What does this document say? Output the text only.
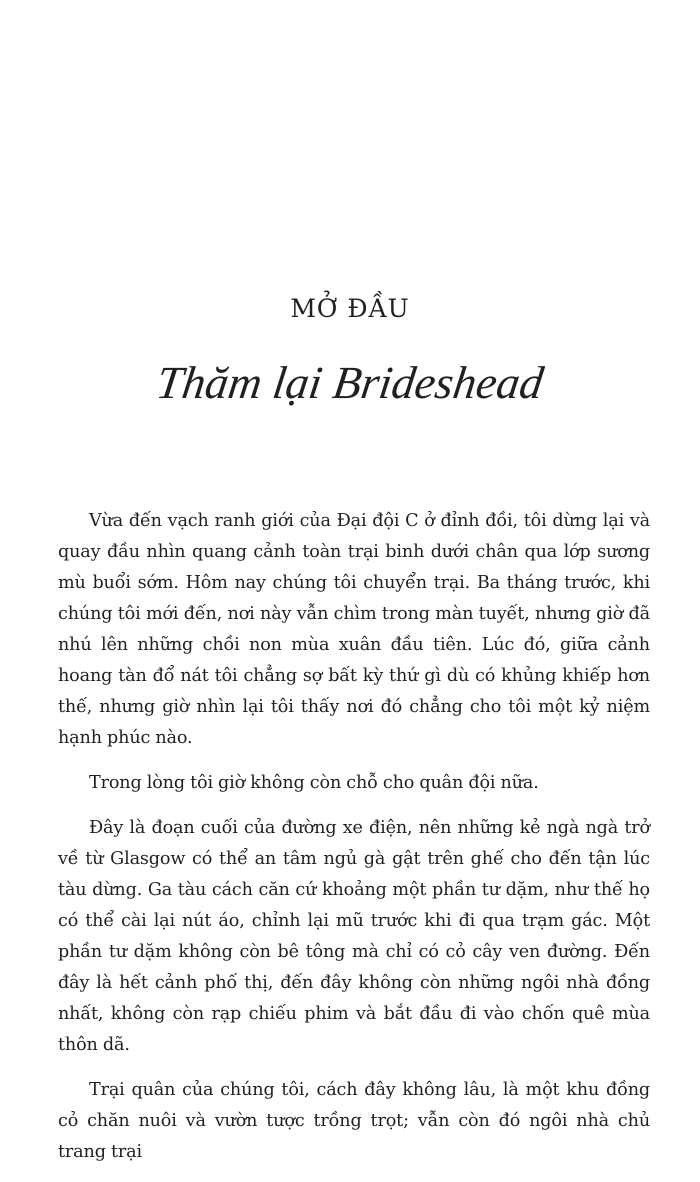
MỞ ĐẦU
Thăm lại Brideshead

Vừa đến vạch ranh giới của Đại đội C ở đỉnh đồi, tôi dừng lại và quay đầu nhìn quang cảnh toàn trại binh dưới chân qua lớp sương mù buổi sớm. Hôm nay chúng tôi chuyển trại. Ba tháng trước, khi chúng tôi mới đến, nơi này vẫn chìm trong màn tuyết, nhưng giờ đã nhú lên những chồi non mùa xuân đầu tiên. Lúc đó, giữa cảnh hoang tàn đổ nát tôi chẳng sợ bất kỳ thứ gì dù có khủng khiếp hơn thế, nhưng giờ nhìn lại tôi thấy nơi đó chẳng cho tôi một kỷ niệm hạnh phúc nào.

Trong lòng tôi giờ không còn chỗ cho quân đội nữa.

Đây là đoạn cuối của đường xe điện, nên những kẻ ngà ngà trở về từ Glasgow có thể an tâm ngủ gà gật trên ghế cho đến tận lúc tàu dừng. Ga tàu cách căn cứ khoảng một phần tư dặm, như thế họ có thể cài lại nút áo, chỉnh lại mũ trước khi đi qua trạm gác. Một phần tư dặm không còn bê tông mà chỉ có cỏ cây ven đường. Đến đây là hết cảnh phố thị, đến đây không còn những ngôi nhà đồng nhất, không còn rạp chiếu phim và bắt đầu đi vào chốn quê mùa thôn dã.

Trại quân của chúng tôi, cách đây không lâu, là một khu đồng cỏ chăn nuôi và vườn tược trồng trọt; vẫn còn đó ngôi nhà chủ trang trại
